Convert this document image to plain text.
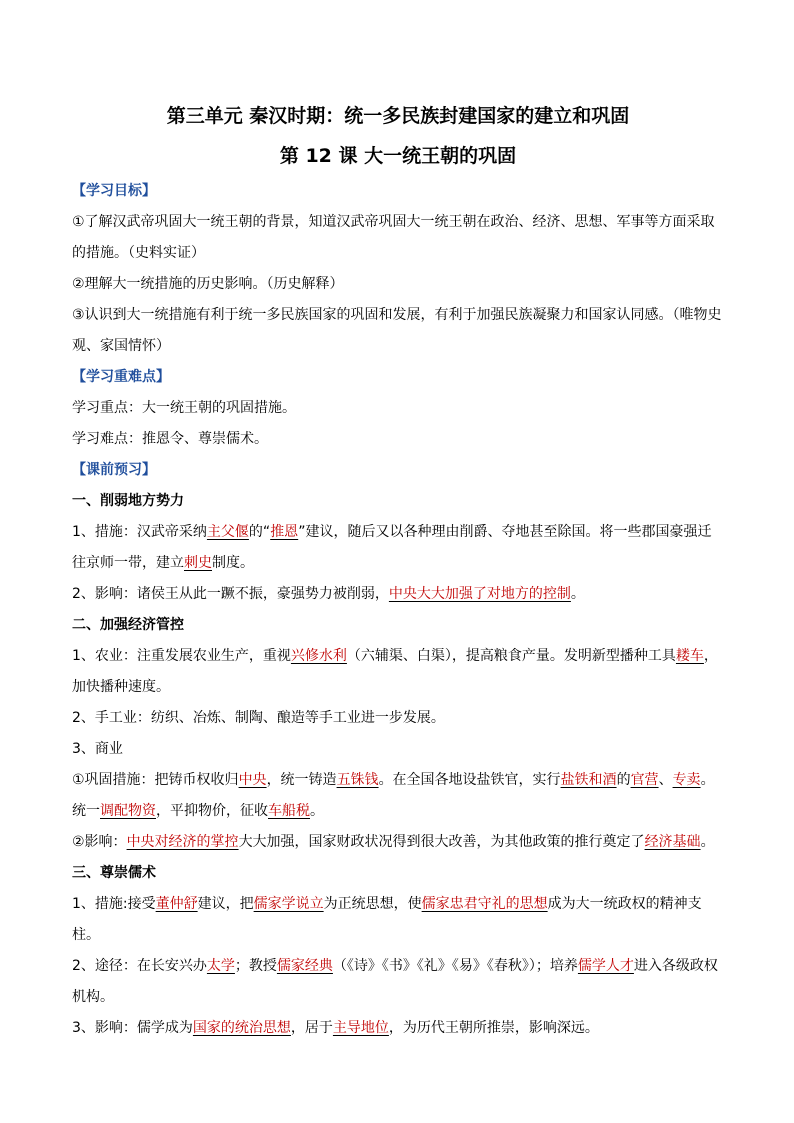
第三单元 秦汉时期：统一多民族封建国家的建立和巩固
第 12 课 大一统王朝的巩固
【学习目标】
①了解汉武帝巩固大一统王朝的背景，知道汉武帝巩固大一统王朝在政治、经济、思想、军事等方面采取的措施。（史料实证）
②理解大一统措施的历史影响。（历史解释）
③认识到大一统措施有利于统一多民族国家的巩固和发展，有利于加强民族凝聚力和国家认同感。（唯物史观、家国情怀）
【学习重难点】
学习重点：大一统王朝的巩固措施。
学习难点：推恩令、尊崇儒术。
【课前预习】
一、削弱地方势力
1、措施：汉武帝采纳主父偃的“推恩”建议，随后又以各种理由削爵、夺地甚至除国。将一些郡国豪强迁往京师一带，建立刺史制度。
2、影响：诸侯王从此一蹶不振，豪强势力被削弱，中央大大加强了对地方的控制。
二、加强经济管控
1、农业：注重发展农业生产，重视兴修水利（六辅渠、白渠），提高粮食产量。发明新型播种工具耧车，加快播种速度。
2、手工业：纺织、冶炼、制陶、酿造等手工业进一步发展。
3、商业
①巩固措施：把铸币权收归中央，统一铸造五铢钱。在全国各地设盐铁官，实行盐铁和酒的官营、专卖。统一调配物资，平抑物价，征收车船税。
②影响：中央对经济的掌控大大加强，国家财政状况得到很大改善，为其他政策的推行奠定了经济基础。
三、尊崇儒术
1、措施:接受董仲舒建议，把儒家学说立为正统思想，使儒家忠君守礼的思想成为大一统政权的精神支柱。
2、途径：在长安兴办太学；教授儒家经典（《诗》《书》《礼》《易》《春秋》）；培养儒学人才进入各级政权机构。
3、影响：儒学成为国家的统治思想，居于主导地位，为历代王朝所推崇，影响深远。
